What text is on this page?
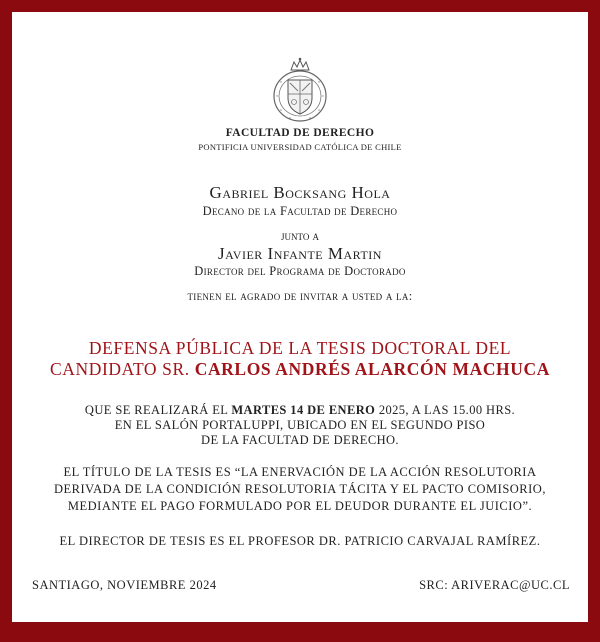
FACULTAD DE DERECHO
PONTIFICIA UNIVERSIDAD CATÓLICA DE CHILE
Gabriel Bocksang Hola
Decano de la Facultad de Derecho
junto a
Javier Infante Martin
Director del Programa de Doctorado
tienen el agrado de invitar a usted a la:
DEFENSA PÚBLICA DE LA TESIS DOCTORAL DEL
CANDIDATO SR. CARLOS ANDRÉS ALARCÓN MACHUCA
QUE SE REALIZARÁ EL MARTES 14 DE ENERO 2025, A LAS 15.00 HRS.
EN EL SALÓN PORTALUPPI, UBICADO EN EL SEGUNDO PISO
DE LA FACULTAD DE DERECHO.
EL TÍTULO DE LA TESIS ES “LA ENERVACIÓN DE LA ACCIÓN RESOLUTORIA
DERIVADA DE LA CONDICIÓN RESOLUTORIA TÁCITA Y EL PACTO COMISORIO,
MEDIANTE EL PAGO FORMULADO POR EL DEUDOR DURANTE EL JUICIO”.
EL DIRECTOR DE TESIS ES EL PROFESOR DR. PATRICIO CARVAJAL RAMÍREZ.
SANTIAGO, NOVIEMBRE 2024	SRC: ARIVERAC@UC.CL
